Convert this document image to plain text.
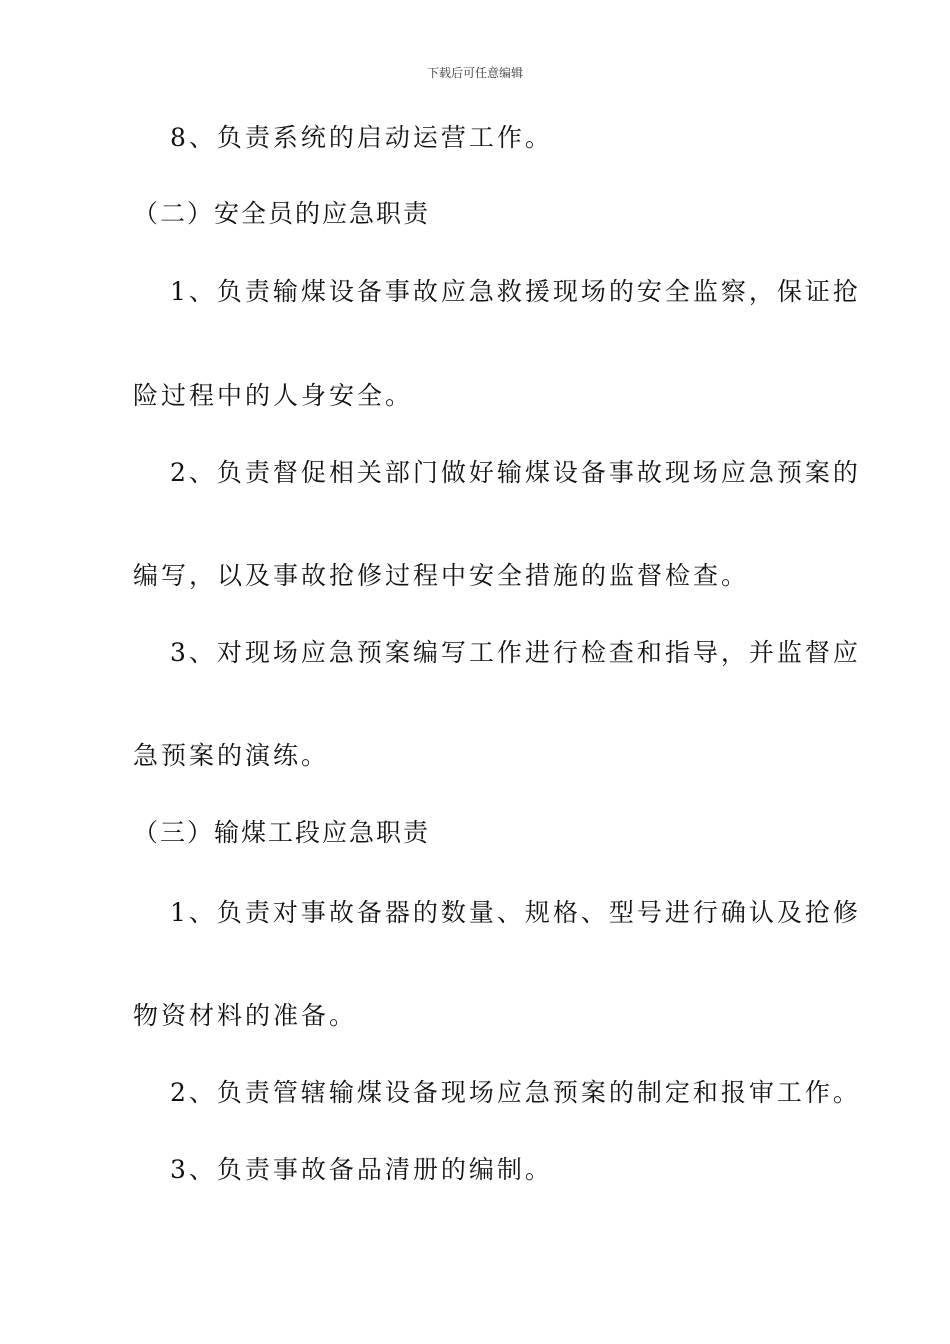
下载后可任意编辑
8、负责系统的启动运营工作。
（二）安全员的应急职责
1、负责输煤设备事故应急救援现场的安全监察，保证抢
险过程中的人身安全。
2、负责督促相关部门做好输煤设备事故现场应急预案的
编写，以及事故抢修过程中安全措施的监督检查。
3、对现场应急预案编写工作进行检查和指导，并监督应
急预案的演练。
（三）输煤工段应急职责
1、负责对事故备器的数量、规格、型号进行确认及抢修
物资材料的准备。
2、负责管辖输煤设备现场应急预案的制定和报审工作。
3、负责事故备品清册的编制。
